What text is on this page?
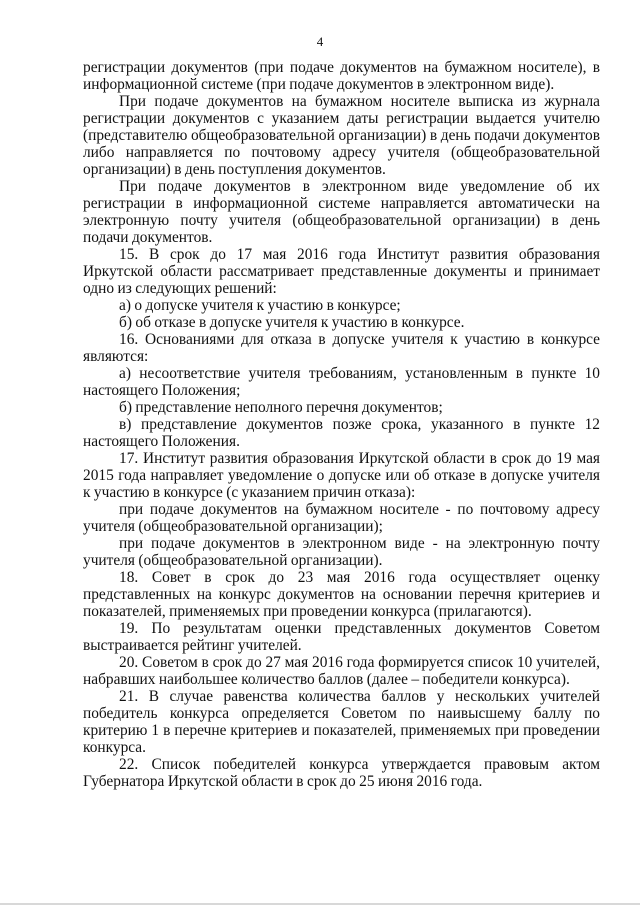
4

регистрации документов (при подаче документов на бумажном носителе), в информационной системе (при подаче документов в электронном виде).

При подаче документов на бумажном носителе выписка из журнала регистрации документов с указанием даты регистрации выдается учителю (представителю общеобразовательной организации) в день подачи документов либо направляется по почтовому адресу учителя (общеобразовательной организации) в день поступления документов.

При подаче документов в электронном виде уведомление об их регистрации в информационной системе направляется автоматически на электронную почту учителя (общеобразовательной организации) в день подачи документов.

15. В срок до 17 мая 2016 года Институт развития образования Иркутской области рассматривает представленные документы и принимает одно из следующих решений:

а) о допуске учителя к участию в конкурсе;

б) об отказе в допуске учителя к участию в конкурсе.

16. Основаниями для отказа в допуске учителя к участию в конкурсе являются:

а) несоответствие учителя требованиям, установленным в пункте 10 настоящего Положения;

б) представление неполного перечня документов;

в) представление документов позже срока, указанного в пункте 12 настоящего Положения.

17. Институт развития образования Иркутской области в срок до 19 мая 2015 года направляет уведомление о допуске или об отказе в допуске учителя к участию в конкурсе (с указанием причин отказа):

при подаче документов на бумажном носителе - по почтовому адресу учителя (общеобразовательной организации);

при подаче документов в электронном виде - на электронную почту учителя (общеобразовательной организации).

18. Совет в срок до 23 мая 2016 года осуществляет оценку представленных на конкурс документов на основании перечня критериев и показателей, применяемых при проведении конкурса (прилагаются).

19. По результатам оценки представленных документов Советом выстраивается рейтинг учителей.

20. Советом в срок до 27 мая 2016 года формируется список 10 учителей, набравших наибольшее количество баллов (далее – победители конкурса).

21. В случае равенства количества баллов у нескольких учителей победитель конкурса определяется Советом по наивысшему баллу по критерию 1 в перечне критериев и показателей, применяемых при проведении конкурса.

22. Список победителей конкурса утверждается правовым актом Губернатора Иркутской области в срок до 25 июня 2016 года.
